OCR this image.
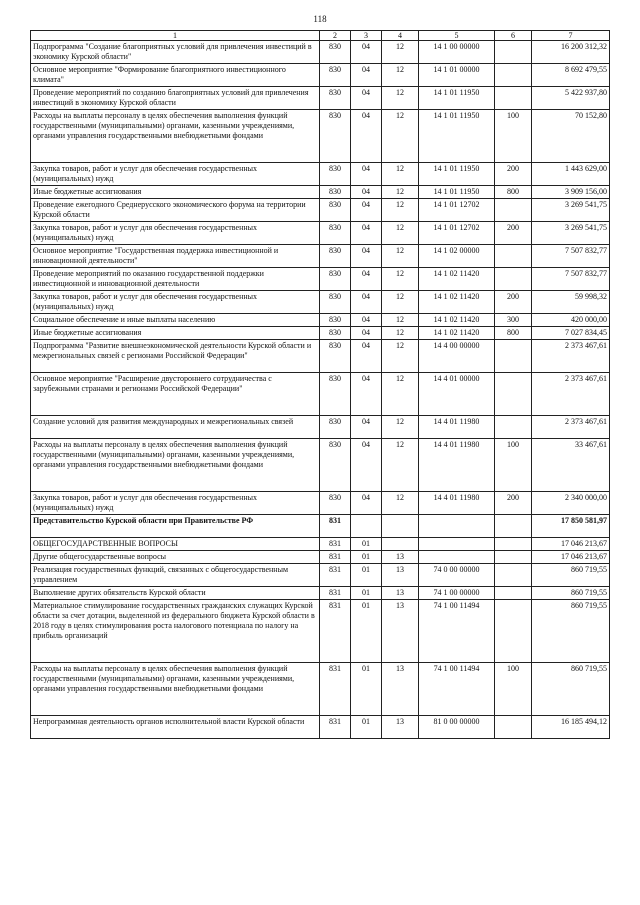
118
1	2	3	4	5	6	7
Подпрограмма "Создание благоприятных условий для привлечения инвестиций в экономику Курской области"	830	04	12	14 1 00 00000		16 200 312,32
Основное мероприятие "Формирование благоприятного инвестиционного климата"	830	04	12	14 1 01 00000		8 692 479,55
Проведение мероприятий по созданию благоприятных условий для привлечения инвестиций в экономику Курской области	830	04	12	14 1 01 11950		5 422 937,80
Расходы на выплаты персоналу в целях обеспечения выполнения функций государственными (муниципальными) органами, казенными учреждениями, органами управления государственными внебюджетными фондами	830	04	12	14 1 01 11950	100	70 152,80
Закупка товаров, работ и услуг для обеспечения государственных (муниципальных) нужд	830	04	12	14 1 01 11950	200	1 443 629,00
Иные бюджетные ассигнования	830	04	12	14 1 01 11950	800	3 909 156,00
Проведение ежегодного Среднерусского экономического форума на территории Курской области	830	04	12	14 1 01 12702		3 269 541,75
Закупка товаров, работ и услуг для обеспечения государственных (муниципальных) нужд	830	04	12	14 1 01 12702	200	3 269 541,75
Основное мероприятие "Государственная поддержка инвестиционной и инновационной деятельности"	830	04	12	14 1 02 00000		7 507 832,77
Проведение мероприятий по оказанию государственной поддержки инвестиционной и инновационной деятельности	830	04	12	14 1 02 11420		7 507 832,77
Закупка товаров, работ и услуг для обеспечения государственных (муниципальных) нужд	830	04	12	14 1 02 11420	200	59 998,32
Социальное обеспечение и иные выплаты населению	830	04	12	14 1 02 11420	300	420 000,00
Иные бюджетные ассигнования	830	04	12	14 1 02 11420	800	7 027 834,45
Подпрограмма "Развитие внешнеэкономической деятельности Курской области и межрегиональных связей с регионами Российской Федерации"	830	04	12	14 4 00 00000		2 373 467,61
Основное мероприятие "Расширение двустороннего сотрудничества с зарубежными странами и регионами Российской Федерации"	830	04	12	14 4 01 00000		2 373 467,61
Создание условий для развития международных и межрегиональных связей	830	04	12	14 4 01 11980		2 373 467,61
Расходы на выплаты персоналу в целях обеспечения выполнения функций государственными (муниципальными) органами, казенными учреждениями, органами управления государственными внебюджетными фондами	830	04	12	14 4 01 11980	100	33 467,61
Закупка товаров, работ и услуг для обеспечения государственных (муниципальных) нужд	830	04	12	14 4 01 11980	200	2 340 000,00
Представительство Курской области при Правительстве РФ	831					17 850 581,97
ОБЩЕГОСУДАРСТВЕННЫЕ ВОПРОСЫ	831	01				17 046 213,67
Другие общегосударственные вопросы	831	01	13			17 046 213,67
Реализация государственных функций, связанных с общегосударственным управлением	831	01	13	74 0 00 00000		860 719,55
Выполнение других обязательств Курской области	831	01	13	74 1 00 00000		860 719,55
Материальное стимулирование государственных гражданских служащих Курской области за счет дотации, выделенной из федерального бюджета Курской области в 2018 году в целях стимулирования роста налогового потенциала по налогу на прибыль организаций	831	01	13	74 1 00 11494		860 719,55
Расходы на выплаты персоналу в целях обеспечения выполнения функций государственными (муниципальными) органами, казенными учреждениями, органами управления государственными внебюджетными фондами	831	01	13	74 1 00 11494	100	860 719,55
Непрограммная деятельность органов исполнительной власти Курской области	831	01	13	81 0 00 00000		16 185 494,12
